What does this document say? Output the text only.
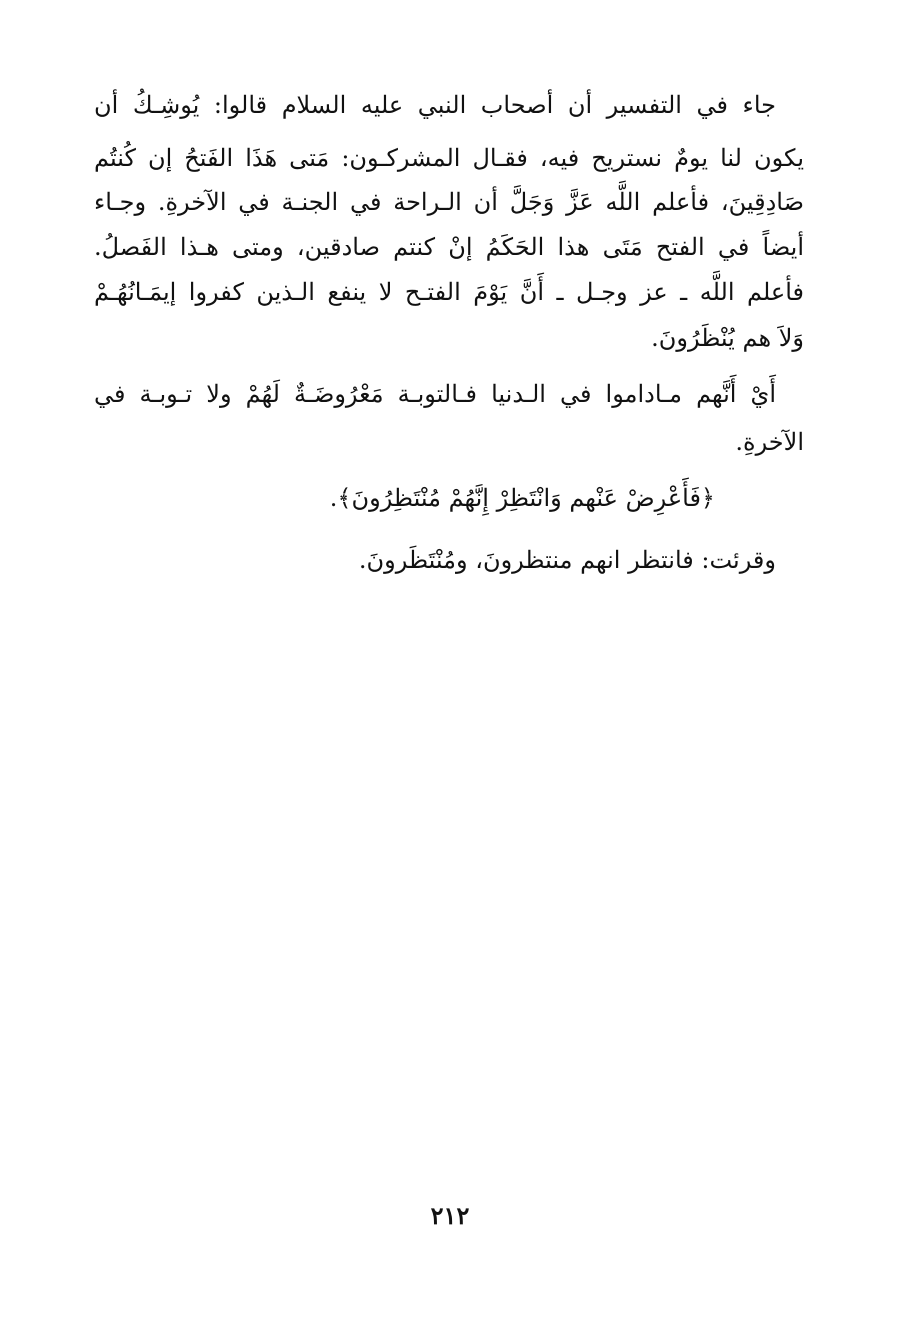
جاء في التفسير أن أصحاب النبي عليه السلام قالوا: يُوشِـكُ أن

يكون لنا يومٌ نستريح فيه، فقـال المشركـون: مَتى هَذَا الفَتحُ إن كُنتُم

صَادِقِينَ، فأعلم اللَّه عَزَّ وَجَلَّ أن الـراحة في الجنـة في الآخرةِ. وجـاء

أيضاً في الفتح مَتَى هذا الحَكَمُ إنْ كنتم صادقين، ومتى هـذا الفَصلُ.

فأعلم اللَّه ـ عز وجـل ـ أَنَّ يَوْمَ الفتـح لا ينفع الـذين كفروا إيمَـانُهُـمْ

وَلاَ هم يُنْظَرُونَ.

أَيْ أَنَّهم مـاداموا في الـدنيا فـالتوبـة مَعْرُوضَـةٌ لَهُمْ ولا تـوبـة في

الآخرةِ.

﴿فَأَعْرِضْ عَنْهم وَانْتَظِرْ إِنَّهُمْ مُنْتَظِرُونَ﴾.

وقرئت: فانتظر انهم منتظرونَ، ومُنْتَظَرونَ.

٢١٢
